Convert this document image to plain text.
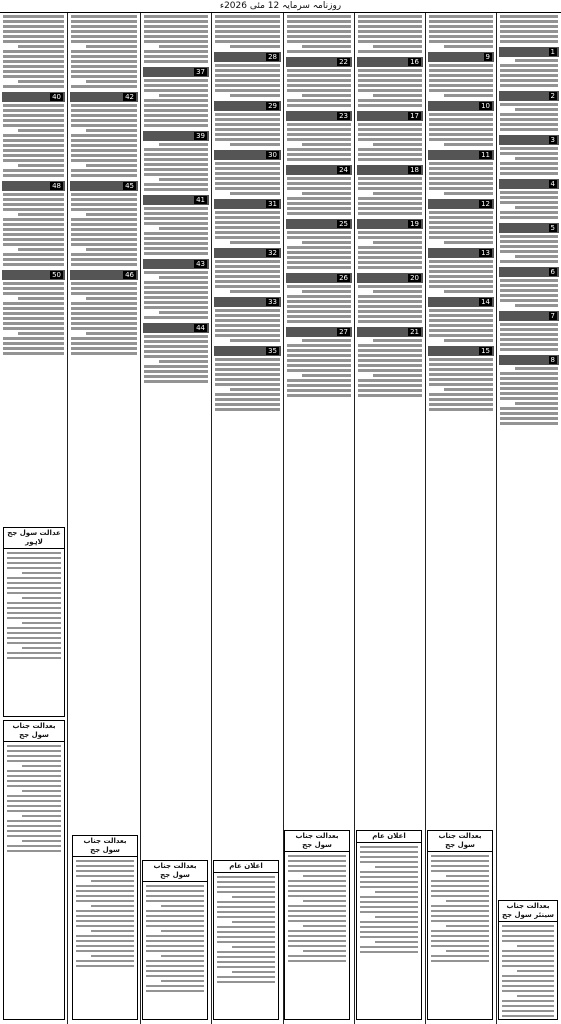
روزنامہ سرمایہ 12 مئی 2026ء
40
48
50
42
45
46
37
39
41
43
44
28
29
30
31
32
33
35
22
23
24
25
26
27
16
17
18
19
20
21
9
10
11
12
13
14
15
1
2
3
4
5
6
7
8
عدالت سول جج لاہور
بعدالت جناب سول جج
بعدالت جناب سول جج
بعدالت جناب سول جج
اعلان عام
بعدالت جناب سول جج
اعلان عام	بعدالت جناب سول جج
بعدالت جناب سینئر سول جج
